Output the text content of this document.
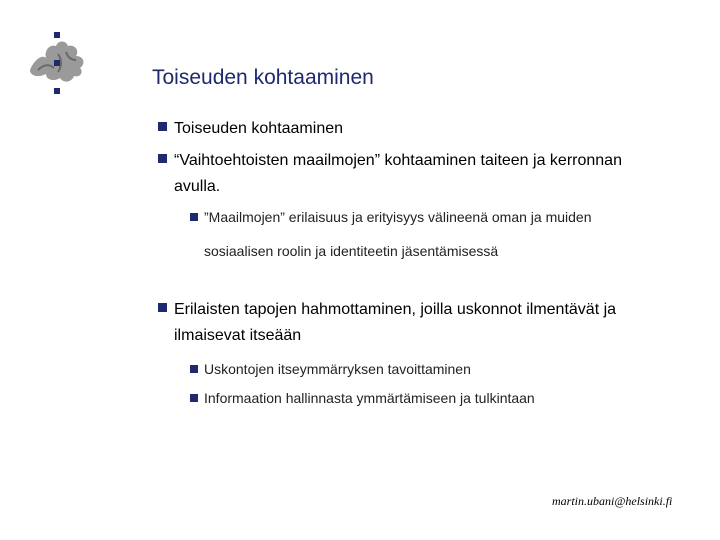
Toiseuden kohtaaminen
Toiseuden kohtaaminen
“Vaihtoehtoisten maailmojen” kohtaaminen taiteen ja kerronnan
avulla.
”Maailmojen” erilaisuus ja erityisyys välineenä oman ja muiden
sosiaalisen roolin ja identiteetin jäsentämisessä
Erilaisten tapojen hahmottaminen, joilla uskonnot ilmentävät ja
ilmaisevat itseään
Uskontojen itseymmärryksen tavoittaminen
Informaation hallinnasta ymmärtämiseen ja tulkintaan
martin.ubani@helsinki.fi
